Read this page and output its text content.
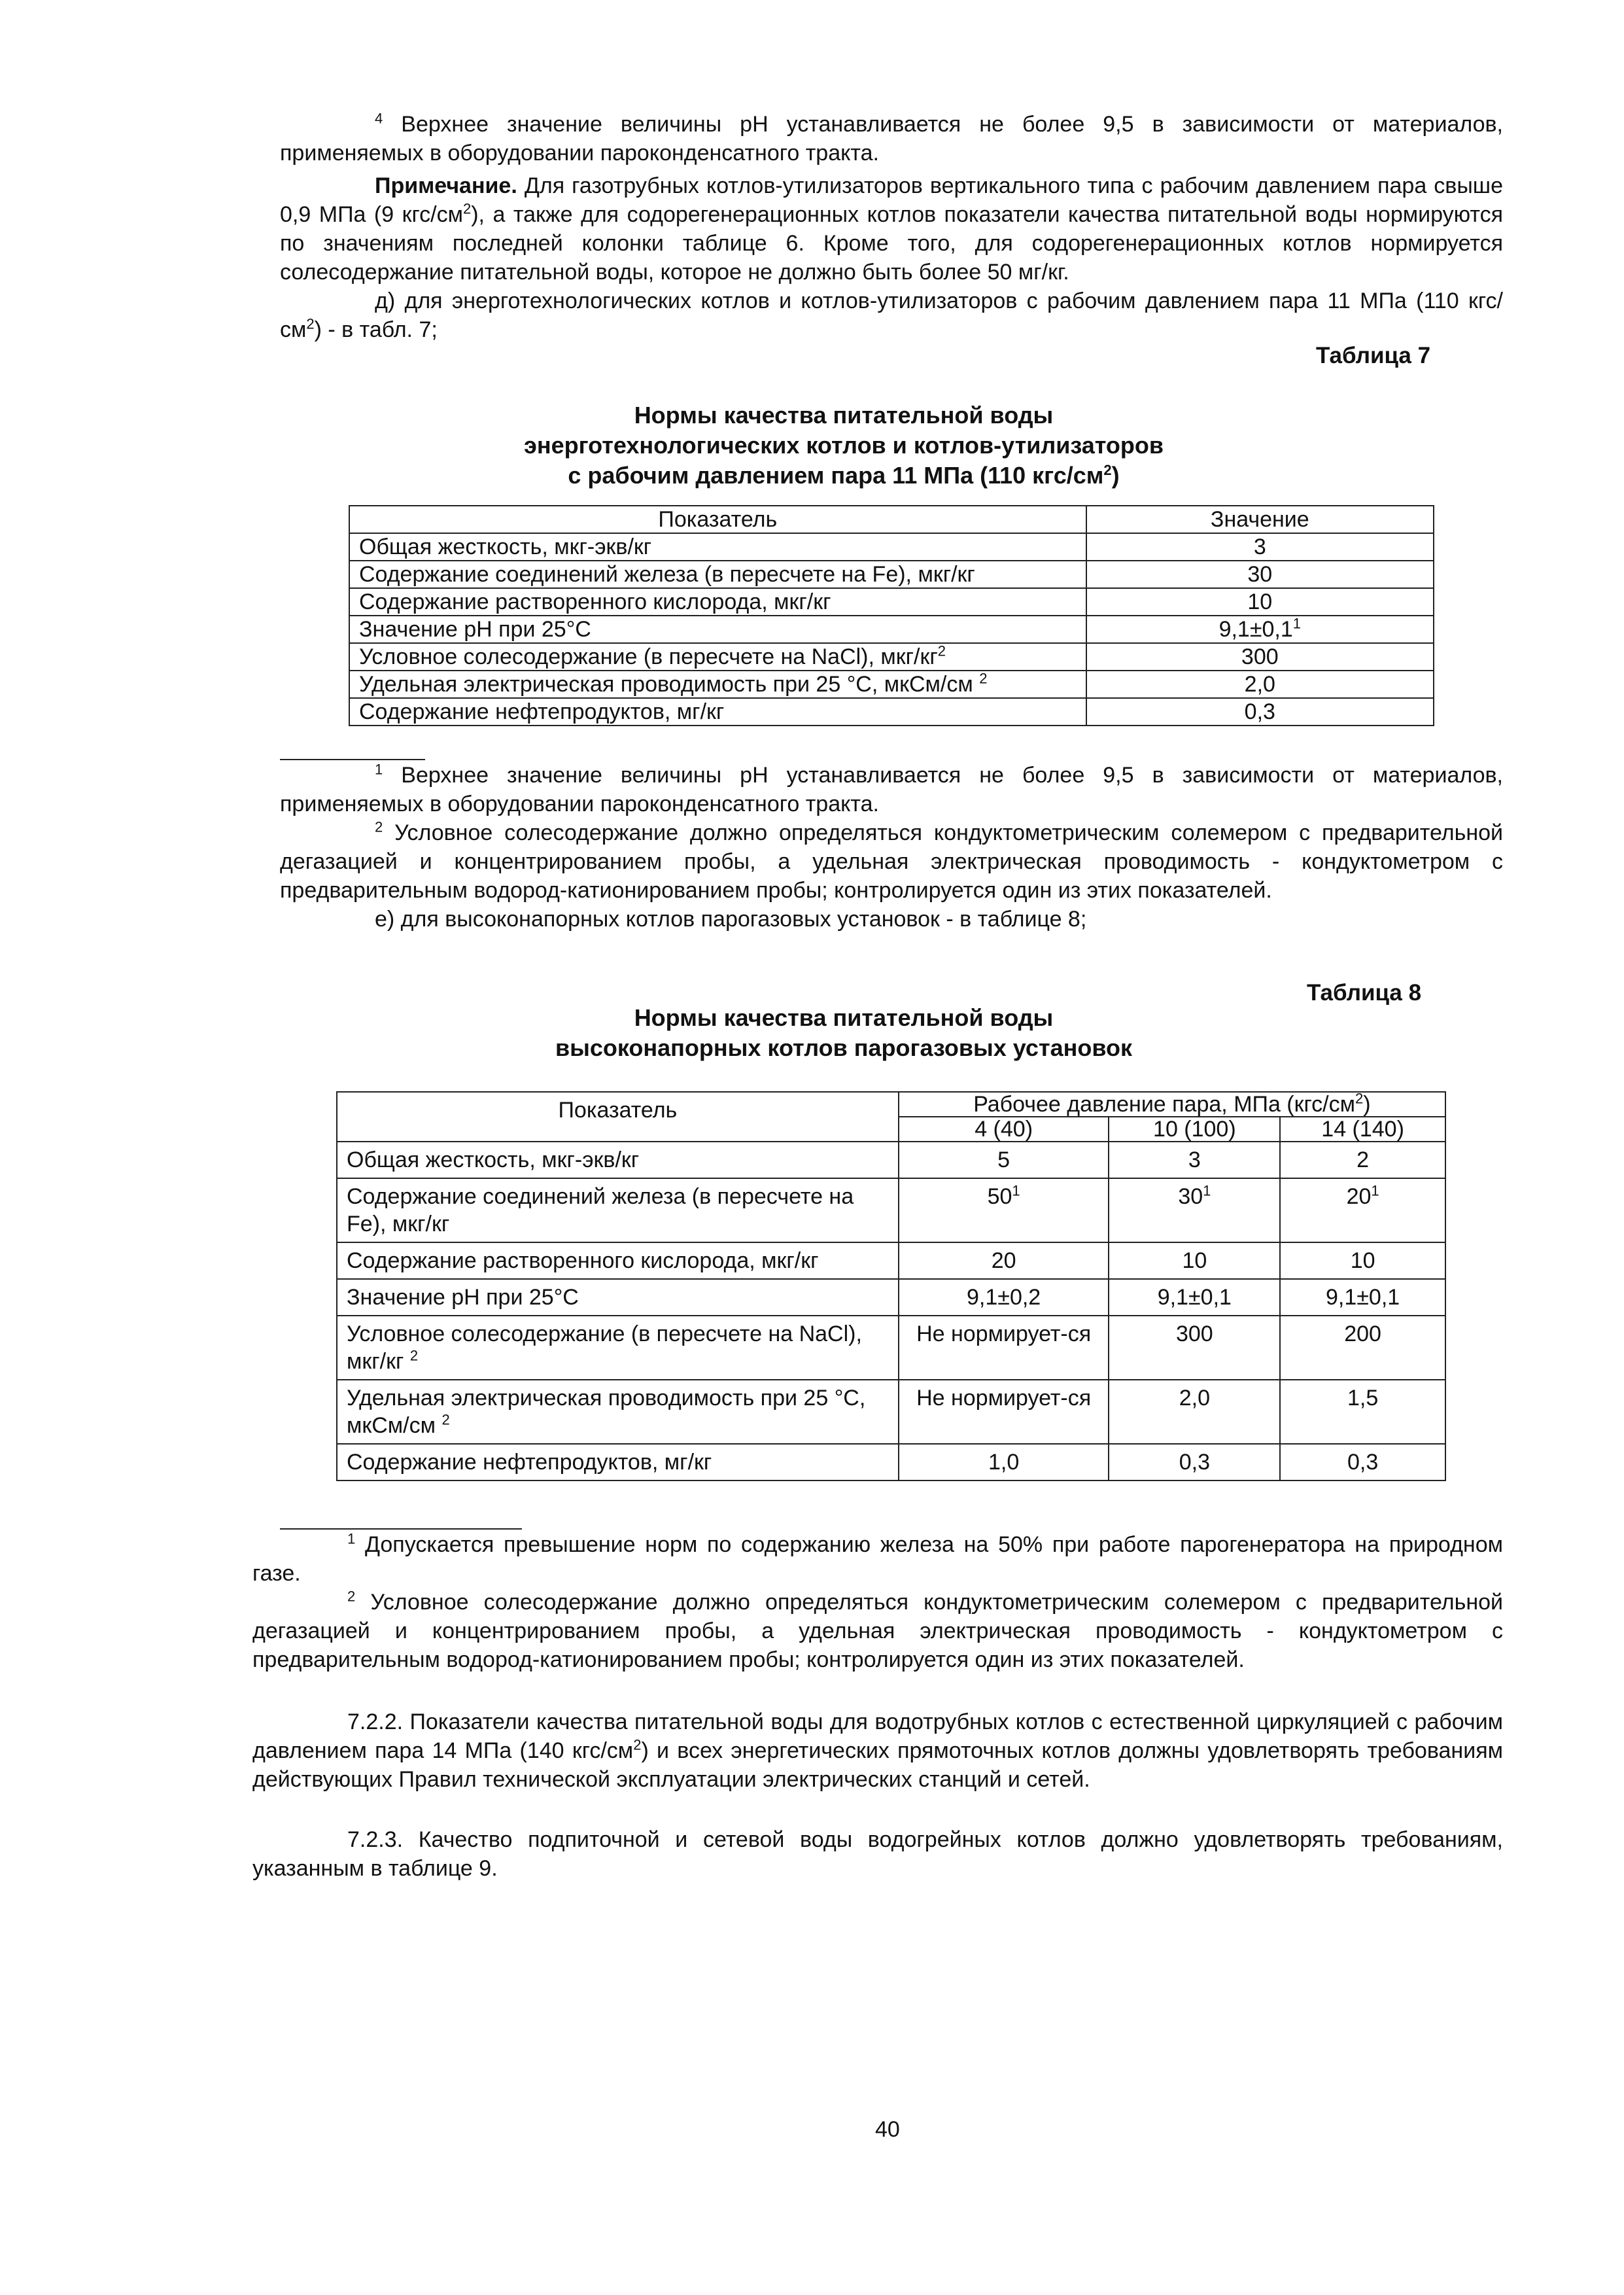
$^4$ Верхнее значение величины pH устанавливается не более 9,5 в зависимости от материалов, применяемых в оборудовании пароконденсатного тракта.

Примечание. Для газотрубных котлов-утилизаторов вертикального типа с рабочим давлением пара свыше 0,9 МПа (9 кгс/$см^2$), а также для содорегенерационных котлов показатели качества питательной воды нормируются по значениям последней колонки таблице 6. Кроме того, для содорегенерационных котлов нормируется солесодержание питательной воды, которое не должно быть более 50 мг/кг.

д) для энерготехнологических котлов и котлов-утилизаторов с рабочим давлением пара 11 МПа (110 кгс/$см^2$) - в табл. 7;

Таблица 7
Нормы качества питательной воды
энерготехнологических котлов и котлов-утилизаторов
с рабочим давлением пара 11 МПа (110 кгс/$см^2$)
Показатель	Значение
Общая жесткость, мкг-экв/кг	3
Содержание соединений железа (в пересчете на Fe), мкг/кг	30
Содержание растворенного кислорода, мкг/кг	10
Значение pH при 25°С	$9,1\pm 0,1^1$
Условное солесодержание (в пересчете на NaCl), мкг/$кг^2$	300
Удельная электрическая проводимость при 25 °С, мкСм/см $^2$	2,0
Содержание нефтепродуктов, мг/кг	0,3

$^1$ Верхнее значение величины pH устанавливается не более 9,5 в зависимости от материалов, применяемых в оборудовании пароконденсатного тракта.

$^2$ Условное солесодержание должно определяться кондуктометрическим солемером с предварительной дегазацией и концентрированием пробы, а удельная электрическая проводимость - кондуктометром с предварительным водород-катионированием пробы; контролируется один из этих показателей.

е) для высоконапорных котлов парогазовых установок - в таблице 8;

Таблица 8
Нормы качества питательной воды
высоконапорных котлов парогазовых установок
Показатель	Рабочее давление пара, МПа $(кгс/см^2)$		
	4 (40)	10 (100)	14 (140)
Общая жесткость, мкг-экв/кг	5	3	2
Содержание соединений железа (в пересчете на Fe), мкг/кг	$50^1$	$30^1$	$20^1$
Содержание растворенного кислорода, мкг/кг	20	10	10
Значение pH при 25°С	9,1±0,2	9,1±0,1	9,1±0,1
Условное солесодержание (в пересчете на NaCl), мкг/кг $^2$	Не нормирует-ся	300	200
Удельная электрическая проводимость при 25 °С, мкСм/см $^2$	Не нормирует-ся	2,0	1,5
Содержание нефтепродуктов, мг/кг	1,0	0,3	0,3

$^1$ Допускается превышение норм по содержанию железа на 50% при работе парогенератора на природном газе.

$^2$ Условное солесодержание должно определяться кондуктометрическим солемером с предварительной дегазацией и концентрированием пробы, а удельная электрическая проводимость - кондуктометром с предварительным водород-катионированием пробы; контролируется один из этих показателей.

7.2.2. Показатели качества питательной воды для водотрубных котлов с естественной циркуляцией с рабочим давлением пара 14 МПа (140 кгс/$см^2$) и всех энергетических прямоточных котлов должны удовлетворять требованиям действующих Правил технической эксплуатации электрических станций и сетей.

7.2.3. Качество подпиточной и сетевой воды водогрейных котлов должно удовлетворять требованиям, указанным в таблице 9.

40
